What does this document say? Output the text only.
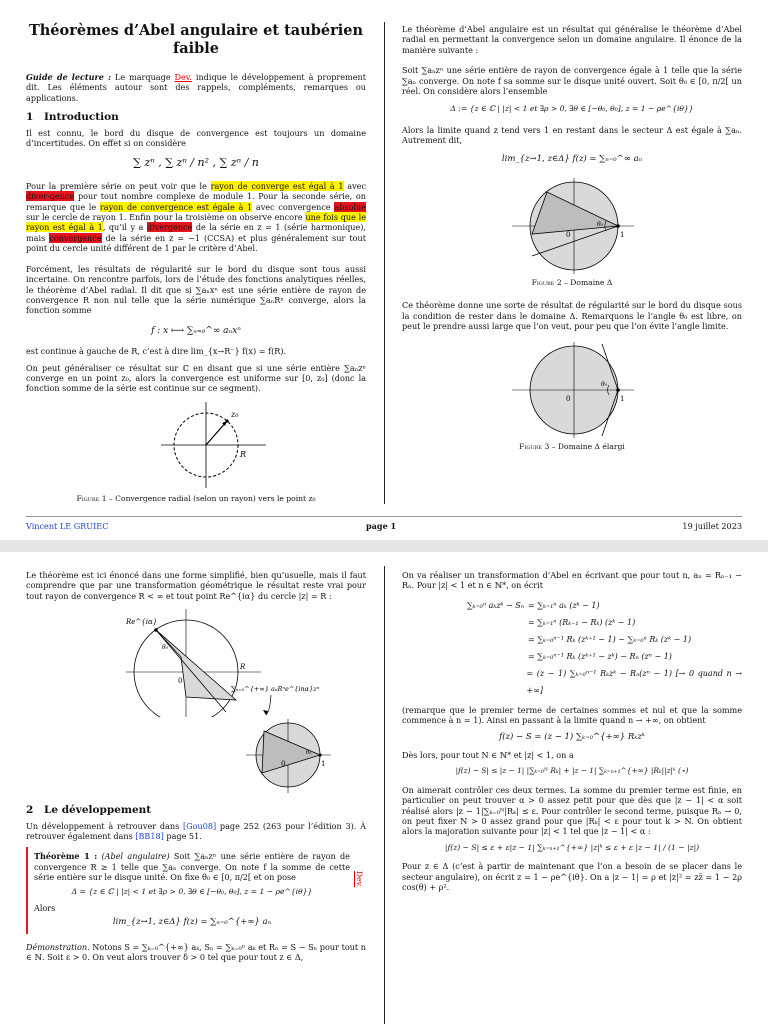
Théorèmes d’Abel angulaire et taubérien faible

Guide de lecture : Le marquage Dev. indique le développement à proprement dit. Les éléments autour sont des rappels, compléments, remarques ou applications.

1 Introduction

Il est connu, le bord du disque de convergence est toujours un domaine d’incertitudes. On effet si on considère

∑ zⁿ , ∑ zⁿ / n² , ∑ zⁿ / n

Pour la première série on peut voir que le rayon de converge est égal à 1 avec diver-gence pour tout nombre complexe de module 1. Pour la seconde série, on remarque que le rayon de convergence est égale à 1 avec convergence absolue sur le cercle de rayon 1. Enfin pour la troisième on observe encore une fois que le rayon est égal à 1, qu’il y a divergence de la série en z = 1 (série harmonique), mais convergence de la série en z = −1 (CCSA) et plus généralement sur tout point du cercle unité différent de 1 par le critère d’Abel.

Forcément, les résultats de régularité sur le bord du disque sont tous aussi incertaine. On rencontre parfois, lors de l’étude des fonctions analytiques réelles, le théorème d’Abel radial. Il dit que si ∑aₙxⁿ est une série entière de rayon de convergence R non nul telle que la série numérique ∑aₙRⁿ converge, alors la fonction somme

f : x ⟼ ∑ₙ₌₀^∞ aₙxⁿ

est continue à gauche de R, c’est à dire lim_{x→R⁻} f(x) = f(R).

On peut généraliser ce résultat sur ℂ en disant que si une série entière ∑aₙzⁿ converge en un point z₀, alors la convergence est uniforme sur [0, z₀] (donc la fonction somme de la série est continue sur ce segment).

z₀
R
Figure 1 – Convergence radial (selon un rayon) vers le point z₀

Le théorème d’Abel angulaire est un résultat qui généralise le théorème d’Abel radial en permettant la convergence selon un domaine angulaire. Il énonce de la manière suivante :

Soit ∑aₙzⁿ une série entière de rayon de convergence égale à 1 telle que la série ∑aₙ converge. On note f sa somme sur le disque unité ouvert. Soit θ₀ ∈ [0, π/2[ un réel. On considère alors l’ensemble

Δ := {z ∈ ℂ | |z| < 1 et ∃ρ > 0, ∃θ ∈ [−θ₀, θ₀], z = 1 − ρe^{iθ}}

Alors la limite quand z tend vers 1 en restant dans le secteur Δ est égale à ∑aₙ. Autrement dit,

lim_{z→1, z∈Δ} f(z) = ∑ₙ₌₀^∞ aₙ
θ₀
0	1
Figure 2 – Domaine Δ

Ce théorème donne une sorte de résultat de régularité sur le bord du disque sous la condition de rester dans le domaine Δ. Remarquons le l’angle θ₀ est libre, on peut le prendre aussi large que l’on veut, pour peu que l’on évite l’angle limite.

θ₀
0	1
Figure 3 – Domaine Δ élargi
Vincent LE GRUIEC	page 1	19 juillet 2023

Le théorème est ici énoncé dans une forme simplifié, bien qu’usuelle, mais il faut comprendre que par une transformation géométrique le résultat reste vrai pour tout rayon de convergence R < ∞ et tout point Re^{iα} du cercle |z| = R :

Re^{iα}
θ₀
0
R
∑ₙ₌₀^{+∞} aₙRⁿe^{inα}zⁿ
θ₀
0	1
2 Le développement

Un développement à retrouver dans [Gou08] page 252 (263 pour l’édition 3). À retrouver également dans [BB18] page 51.

Dev.

Théorème 1 : (Abel angulaire) Soit ∑aₙzⁿ une série entière de rayon de convergence R ≥ 1 telle que ∑aₙ converge. On note f la somme de cette série entière sur le disque unité. On fixe θ₀ ∈ [0, π/2[ et on pose

Δ = {z ∈ ℂ | |z| < 1 et ∃ρ > 0, ∃θ ∈ [−θ₀, θ₀], z = 1 − ρe^{iθ}}

Alors

lim_{z→1, z∈Δ} f(z) = ∑ₙ₌₀^{+∞} aₙ

Démonstration. Notons S = ∑ₖ₌₀^{+∞} aₖ, Sₙ = ∑ₖ₌₀ⁿ aₖ et Rₙ = S − Sₙ pour tout n ∈ ℕ. Soit ε > 0. On veut alors trouver δ > 0 tel que pour tout z ∈ Δ,

On va réaliser un transformation d’Abel en écrivant que pour tout n, aₙ = Rₙ₋₁ − Rₙ. Pour |z| < 1 et n ∈ ℕ*, on écrit

∑ₖ₌₀ⁿ aₖzᵏ − Sₙ = ∑ₖ₌₁ⁿ aₖ (zᵏ − 1)
= ∑ₖ₌₁ⁿ (Rₖ₋₁ − Rₖ) (zᵏ − 1)
= ∑ₖ₌₀ⁿ⁻¹ Rₖ (zᵏ⁺¹ − 1) − ∑ₖ₌₀ⁿ Rₖ (zᵏ − 1)
= ∑ₖ₌₀ⁿ⁻¹ Rₖ (zᵏ⁺¹ − zᵏ) − Rₙ (zⁿ − 1)
= (z − 1) ∑ₖ₌₀ⁿ⁻¹ Rₖzᵏ − Rₙ(zⁿ − 1) [→ 0 quand n → +∞]

(remarque que le premier terme de certaines sommes et nul et que la somme commence à n = 1). Ainsi en passant à la limite quand n → +∞, on obtient

f(z) − S = (z − 1) ∑ₖ₌₀^{+∞} Rₖzᵏ

Dès lors, pour tout N ∈ ℕ* et |z| < 1, on a

|f(z) − S| ≤ |z − 1| |∑ₖ₌₀ᴺ Rₖ| + |z − 1| ∑ₖ₌ₙ₊₁^{+∞} |Rₖ||z|ᵏ (⋆)

On aimerait contrôler ces deux termes. La somme du premier terme est finie, en particulier on peut trouver α > 0 assez petit pour que dès que |z − 1| < α soit réalisé alors |z − 1|∑ₖ₌₀ᴺ|Rₖ| ≤ ε. Pour contrôler le second terme, puisque Rₙ → 0, on peut fixer N > 0 assez grand pour que |Rₖ| < ε pour tout k > N. On obtient alors la majoration suivante pour |z| < 1 tel que |z − 1| < α :

|f(z) − S| ≤ ε + ε|z − 1| ∑ₖ₌ₙ₊₁^{+∞} |z|ᵏ ≤ ε + ε |z − 1| / (1 − |z|)

Pour z ∈ Δ (c’est à partir de maintenant que l’on a besoin de se placer dans le secteur angulaire), on écrit z = 1 − ρe^{iθ}. On a |z − 1| = ρ et |z|² = zz̄ = 1 − 2ρ cos(θ) + ρ².
